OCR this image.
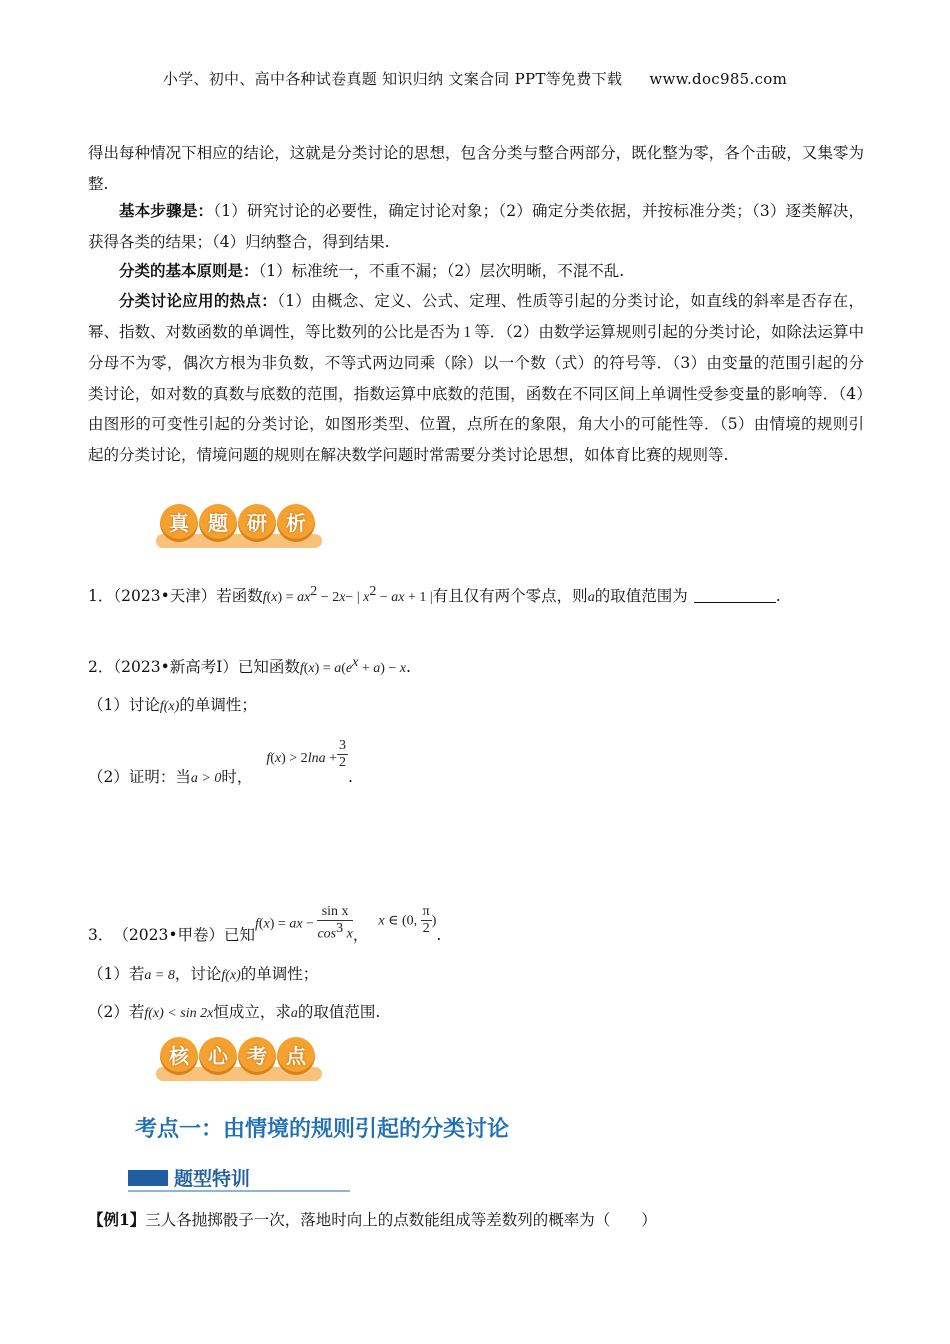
小学、初中、高中各种试卷真题 知识归纳 文案合同 PPT等免费下载 www.doc985.com
得出每种情况下相应的结论，这就是分类讨论的思想，包含分类与整合两部分，既化整为零，各个击破，又集零为整.
基本步骤是：（1）研究讨论的必要性，确定讨论对象；（2）确定分类依据，并按标准分类；（3）逐类解决，获得各类的结果；（4）归纳整合，得到结果.
分类的基本原则是：（1）标准统一，不重不漏；（2）层次明晰，不混不乱.
分类讨论应用的热点：（1）由概念、定义、公式、定理、性质等引起的分类讨论，如直线的斜率是否存在，幂、指数、对数函数的单调性，等比数列的公比是否为 1 等．（2）由数学运算规则引起的分类讨论，如除法运算中分母不为零，偶次方根为非负数，不等式两边同乘（除）以一个数（式）的符号等．（3）由变量的范围引起的分类讨论，如对数的真数与底数的范围，指数运算中底数的范围，函数在不同区间上单调性受参变量的影响等．（4）由图形的可变性引起的分类讨论，如图形类型、位置，点所在的象限，角大小的可能性等．（5）由情境的规则引起的分类讨论，情境问题的规则在解决数学问题时常需要分类讨论思想，如体育比赛的规则等.
真 题 研 析
1．（2023•天津）若函数$f(x) = ax^2 - 2x-$ | $x^2$ − ax + 1 |有且仅有两个零点，则a的取值范围为	.
2．（2023•新高考Ⅰ）已知函数$f(x) = a(e^x + a) - x$.
（1）讨论f(x)的单调性；
（2）证明：当a > 0时，$f(x) > 2\ln a + \frac{3}{2}$
.
3．（2023•甲卷）已知f(x) = ax − $\frac{\text{sin x}}{\cos^3 x}$ ，x ∈ (0, $\frac{\pi}{2}$ ).
（1）若a = 8，讨论f(x)的单调性；
（2）若f(x) < sin 2x恒成立，求a的取值范围.
核 心 考 点
考点一：由情境的规则引起的分类讨论
题型特训
【例1】三人各抛掷骰子一次，落地时向上的点数能组成等差数列的概率为（　　）
